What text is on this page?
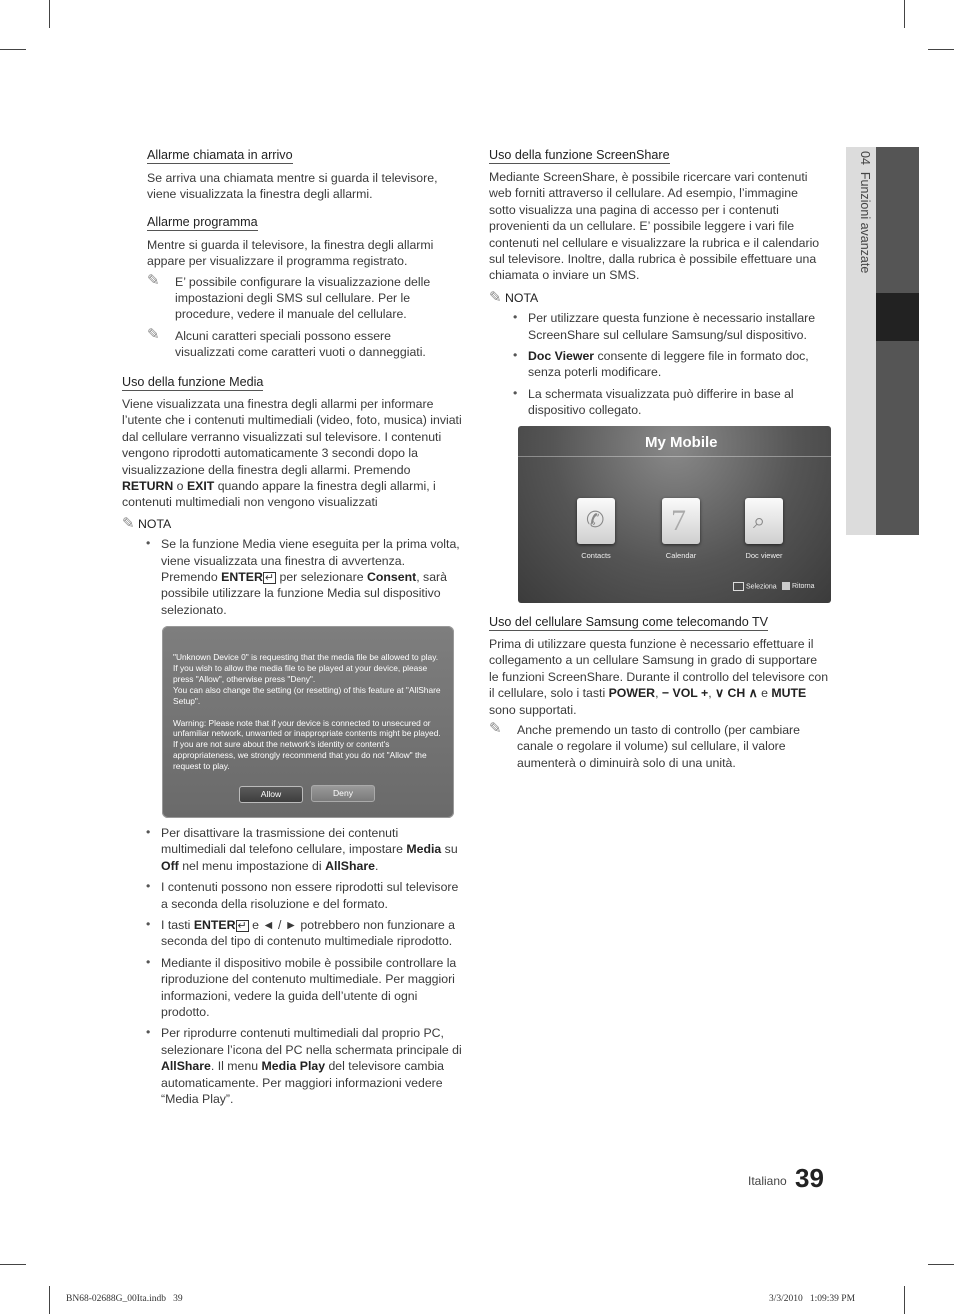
Allarme chiamata in arrivo
Se arriva una chiamata mentre si guarda il televisore, viene visualizzata la finestra degli allarmi.
Allarme programma
Mentre si guarda il televisore, la finestra degli allarmi appare per visualizzare il programma registrato.
✎ E’ possibile configurare la visualizzazione delle impostazioni degli SMS sul cellulare. Per le procedure, vedere il manuale del cellulare.
✎ Alcuni caratteri speciali possono essere visualizzati come caratteri vuoti o danneggiati.
Uso della funzione Media
Viene visualizzata una finestra degli allarmi per informare l’utente che i contenuti multimediali (video, foto, musica) inviati dal cellulare verranno visualizzati sul televisore. I contenuti vengono riprodotti automaticamente 3 secondi dopo la visualizzazione della finestra degli allarmi. Premendo RETURN o EXIT quando appare la finestra degli allarmi, i contenuti multimediali non vengono visualizzati
✎ NOTA
• Se la funzione Media viene eseguita per la prima volta, viene visualizzata una finestra di avvertenza. Premendo ENTER ↵ per selezionare Consent, sarà possibile utilizzare la funzione Media sul dispositivo selezionato.
"Unknown Device 0" is requesting that the media file be allowed to play.
If you wish to allow the media file to be played at your device, please press "Allow", otherwise press "Deny".
You can also change the setting (or resetting) of this feature at "AllShare Setup".
Warning: Please note that if your device is connected to unsecured or unfamiliar network, unwanted or inappropriate contents might be played. If you are not sure about the network's identity or content's appropriateness, we strongly recommend that you do not "Allow" the request to play.
Allow	Deny
• Per disattivare la trasmissione dei contenuti multimediali dal telefono cellulare, impostare Media su Off nel menu impostazione di AllShare.
• I contenuti possono non essere riprodotti sul televisore a seconda della risoluzione e del formato.
• I tasti ENTER ↵ e ◄ / ► potrebbero non funzionare a seconda del tipo di contenuto multimediale riprodotto.
• Mediante il dispositivo mobile è possibile controllare la riproduzione del contenuto multimediale. Per maggiori informazioni, vedere la guida dell’utente di ogni prodotto.
• Per riprodurre contenuti multimediali dal proprio PC, selezionare l’icona del PC nella schermata principale di AllShare. Il menu Media Play del televisore cambia automaticamente. Per maggiori informazioni vedere “Media Play”.
Uso della funzione ScreenShare
Mediante ScreenShare, è possibile ricercare vari contenuti web forniti attraverso il cellulare. Ad esempio, l’immagine sotto visualizza una pagina di accesso per i contenuti provenienti da un cellulare. E’ possibile leggere i vari file contenuti nel cellulare e visualizzare la rubrica e il calendario sul televisore. Inoltre, dalla rubrica è possibile effettuare una chiamata o inviare un SMS.
✎ NOTA
• Per utilizzare questa funzione è necessario installare ScreenShare sul cellulare Samsung/sul dispositivo.
• Doc Viewer consente di leggere file in formato doc, senza poterli modificare.
• La schermata visualizzata può differire in base al dispositivo collegato.
My Mobile
✆ 7	⌕
Contacts	Calendar	Doc viewer
Seleziona	Ritorna
Uso del cellulare Samsung come telecomando TV
Prima di utilizzare questa funzione è necessario effettuare il collegamento a un cellulare Samsung in grado di supportare le funzioni ScreenShare. Durante il controllo del televisore con il cellulare, solo i tasti POWER, − VOL +, ∨ CH ∧ e MUTE sono supportati.
✎ Anche premendo un tasto di controllo (per cambiare canale o regolare il volume) sul cellulare, il valore aumenterà o diminuirà solo di una unità.
04  Funzioni avanzate
Italiano 39
BN68-02688G_00Ita.indb   39	3/3/2010   1:09:39 PM
